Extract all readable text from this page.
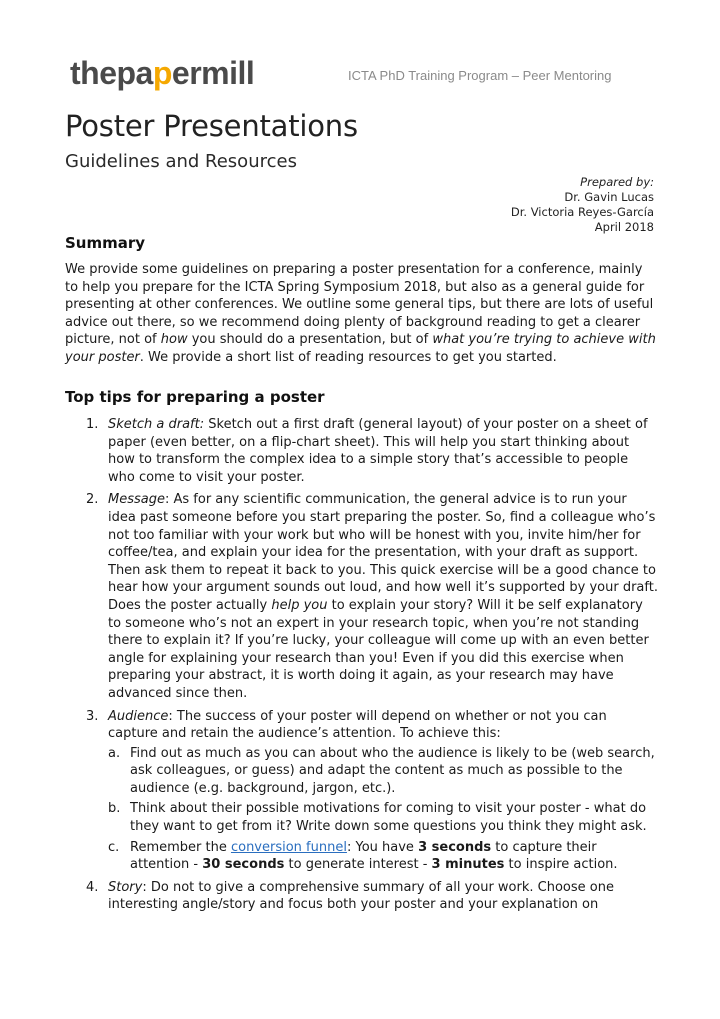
thepapermill	ICTA PhD Training Program – Peer Mentoring
Poster Presentations
Guidelines and Resources
Prepared by:
Dr. Gavin Lucas
Dr. Victoria Reyes-García
April 2018
Summary
We provide some guidelines on preparing a poster presentation for a conference, mainly to help you prepare for the ICTA Spring Symposium 2018, but also as a general guide for presenting at other conferences. We outline some general tips, but there are lots of useful advice out there, so we recommend doing plenty of background reading to get a clearer picture, not of how you should do a presentation, but of what you’re trying to achieve with your poster. We provide a short list of reading resources to get you started.
Top tips for preparing a poster
1. Sketch a draft: Sketch out a first draft (general layout) of your poster on a sheet of paper (even better, on a flip-chart sheet). This will help you start thinking about how to transform the complex idea to a simple story that’s accessible to people who come to visit your poster.
2. Message: As for any scientific communication, the general advice is to run your idea past someone before you start preparing the poster. So, find a colleague who’s not too familiar with your work but who will be honest with you, invite him/her for coffee/tea, and explain your idea for the presentation, with your draft as support. Then ask them to repeat it back to you. This quick exercise will be a good chance to hear how your argument sounds out loud, and how well it’s supported by your draft. Does the poster actually help you to explain your story? Will it be self explanatory to someone who’s not an expert in your research topic, when you’re not standing there to explain it? If you’re lucky, your colleague will come up with an even better angle for explaining your research than you! Even if you did this exercise when preparing your abstract, it is worth doing it again, as your research may have advanced since then.
3. Audience: The success of your poster will depend on whether or not you can capture and retain the audience’s attention. To achieve this:
a. Find out as much as you can about who the audience is likely to be (web search, ask colleagues, or guess) and adapt the content as much as possible to the audience (e.g. background, jargon, etc.).
b. Think about their possible motivations for coming to visit your poster - what do they want to get from it? Write down some questions you think they might ask.
c. Remember the conversion funnel: You have 3 seconds to capture their attention - 30 seconds to generate interest - 3 minutes to inspire action.
4. Story: Do not to give a comprehensive summary of all your work. Choose one interesting angle/story and focus both your poster and your explanation on
